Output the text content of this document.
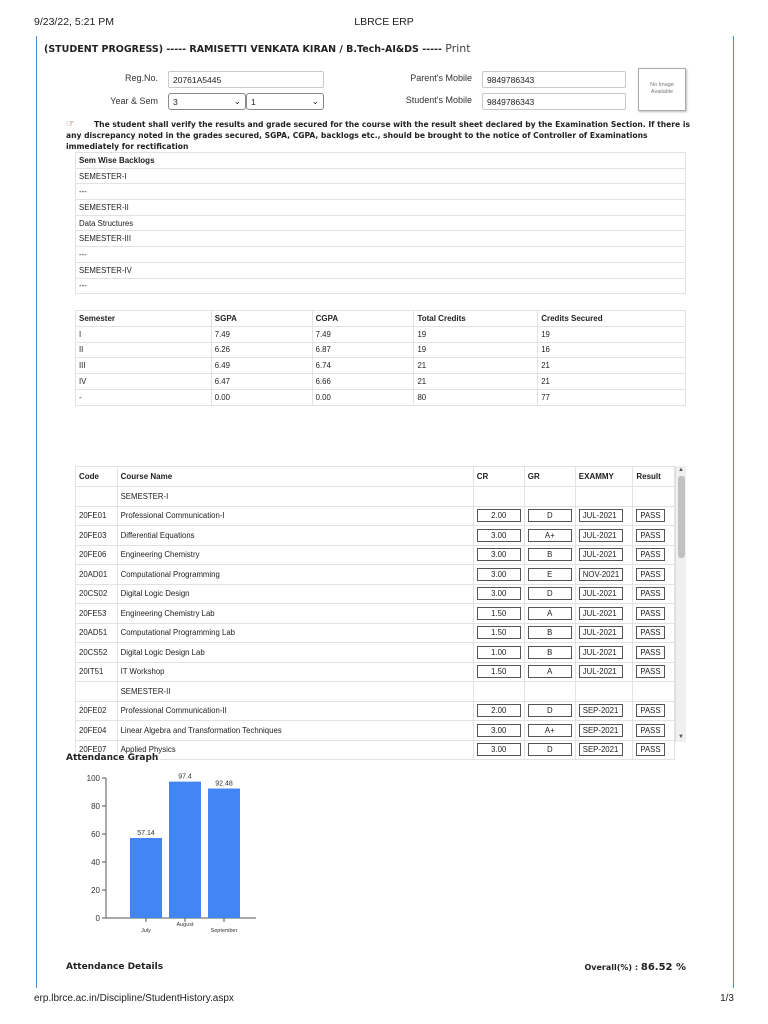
9/23/22, 5:21 PM	LBRCE ERP
(STUDENT PROGRESS) ----- RAMISETTI VENKATA KIRAN / B.Tech-AI&DS ----- Print
Reg.No.	20761A5445
Year & Sem	3	⌄	1	⌄
Parent's Mobile	9849786343
Student's Mobile	9849786343
No Image Available
☞	The student shall verify the results and grade secured for the course with the result sheet declared by the Examination Section. If there is any discrepancy noted in the grades secured, SGPA, CGPA, backlogs etc., should be brought to the notice of Controller of Examinations immediately for rectification
Sem Wise Backlogs
SEMESTER-I
---
SEMESTER-II
Data Structures
SEMESTER-III
---
SEMESTER-IV
---
Semester	SGPA	CGPA	Total Credits	Credits Secured
I	7.49	7.49	19	19
II	6.26	6.87	19	16
III	6.49	6.74	21	21
IV	6.47	6.66	21	21
-	0.00	0.00	80	77
Code	Course Name	CR	GR	EXAMMY	Result
	SEMESTER-I				
20FE01	Professional Communication-I	2.00	D	JUL-2021	PASS
20FE03	Differential Equations	3.00	A+	JUL-2021	PASS
20FE06	Engineering Chemistry	3.00	B	JUL-2021	PASS
20AD01	Computational Programming	3.00	E	NOV-2021	PASS
20CS02	Digital Logic Design	3.00	D	JUL-2021	PASS
20FE53	Engineering Chemistry Lab	1.50	A	JUL-2021	PASS
20AD51	Computational Programming Lab	1.50	B	JUL-2021	PASS
20CS52	Digital Logic Design Lab	1.00	B	JUL-2021	PASS
20IT51	IT Workshop	1.50	A	JUL-2021	PASS
	SEMESTER-II				
20FE02	Professional Communication-II	2.00	D	SEP-2021	PASS
20FE04	Linear Algebra and Transformation Techniques	3.00	A+	SEP-2021	PASS
20FE07	Applied Physics	3.00	D	SEP-2021	PASS
▲
▼
Attendance Graph
0
20
40
60
80
100
57.14
July
97.4
August
92.48
September
Attendance Details	Overall(%) : 86.52 %
erp.lbrce.ac.in/Discipline/StudentHistory.aspx	1/3
